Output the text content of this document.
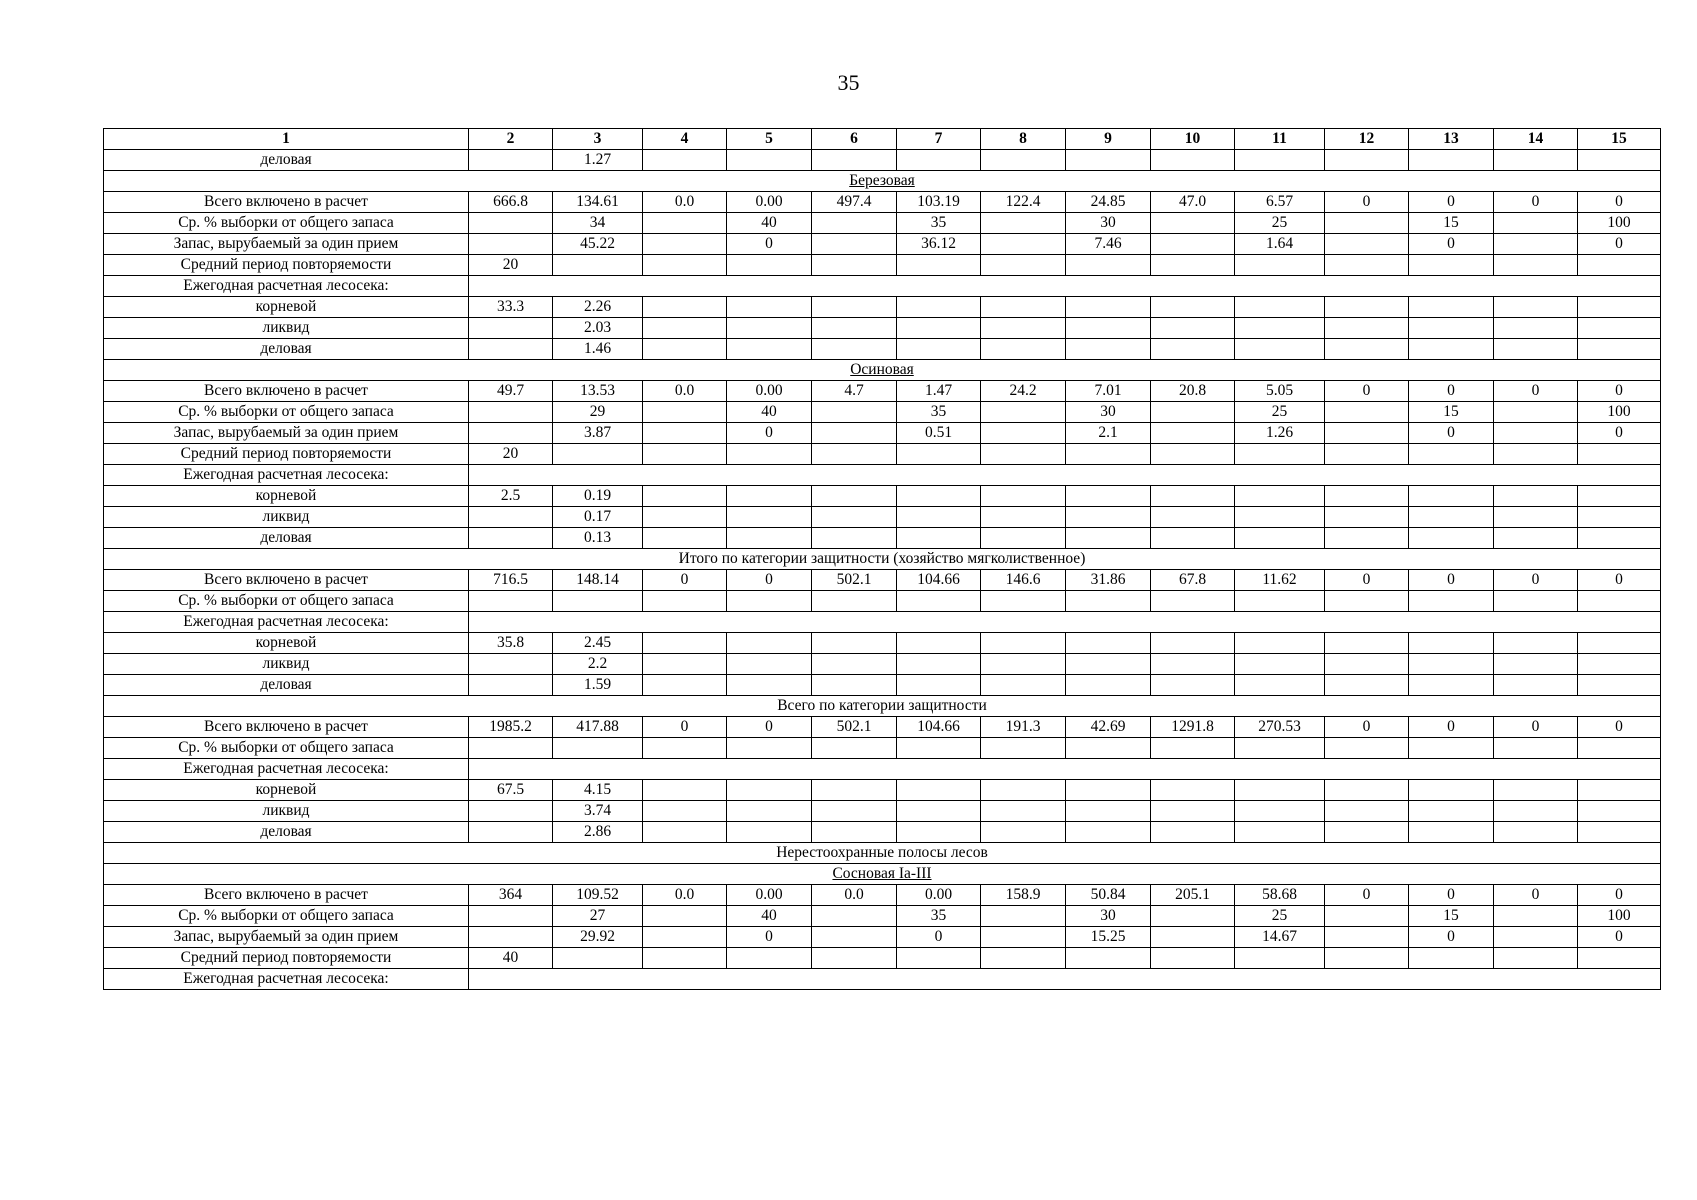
35
1	2	3	4	5	6	7	8	9	10	11	12	13	14	15
деловая		1.27												
Березовая														
Всего включено в расчет	666.8	134.61	0.0	0.00	497.4	103.19	122.4	24.85	47.0	6.57	0	0	0	0
Ср. % выборки от общего запаса		34		40		35		30		25		15		100
Запас, вырубаемый за один прием		45.22		0		36.12		7.46		1.64		0		0
Средний период повторяемости	20													
Ежегодная расчетная лесосека:														
корневой	33.3	2.26												
ликвид		2.03												
деловая		1.46												
Осиновая														
Всего включено в расчет	49.7	13.53	0.0	0.00	4.7	1.47	24.2	7.01	20.8	5.05	0	0	0	0
Ср. % выборки от общего запаса		29		40		35		30		25		15		100
Запас, вырубаемый за один прием		3.87		0		0.51		2.1		1.26		0		0
Средний период повторяемости	20													
Ежегодная расчетная лесосека:														
корневой	2.5	0.19												
ликвид		0.17												
деловая		0.13												
Итого по категории защитности (хозяйство мягколиственное)														
Всего включено в расчет	716.5	148.14	0	0	502.1	104.66	146.6	31.86	67.8	11.62	0	0	0	0
Ср. % выборки от общего запаса														
Ежегодная расчетная лесосека:														
корневой	35.8	2.45												
ликвид		2.2												
деловая		1.59												
Всего по категории защитности														
Всего включено в расчет	1985.2	417.88	0	0	502.1	104.66	191.3	42.69	1291.8	270.53	0	0	0	0
Ср. % выборки от общего запаса														
Ежегодная расчетная лесосека:														
корневой	67.5	4.15												
ликвид		3.74												
деловая		2.86												
Нерестоохранные полосы лесов														
Сосновая Ia-III														
Всего включено в расчет	364	109.52	0.0	0.00	0.0	0.00	158.9	50.84	205.1	58.68	0	0	0	0
Ср. % выборки от общего запаса		27		40		35		30		25		15		100
Запас, вырубаемый за один прием		29.92		0		0		15.25		14.67		0		0
Средний период повторяемости	40													
Ежегодная расчетная лесосека:														
